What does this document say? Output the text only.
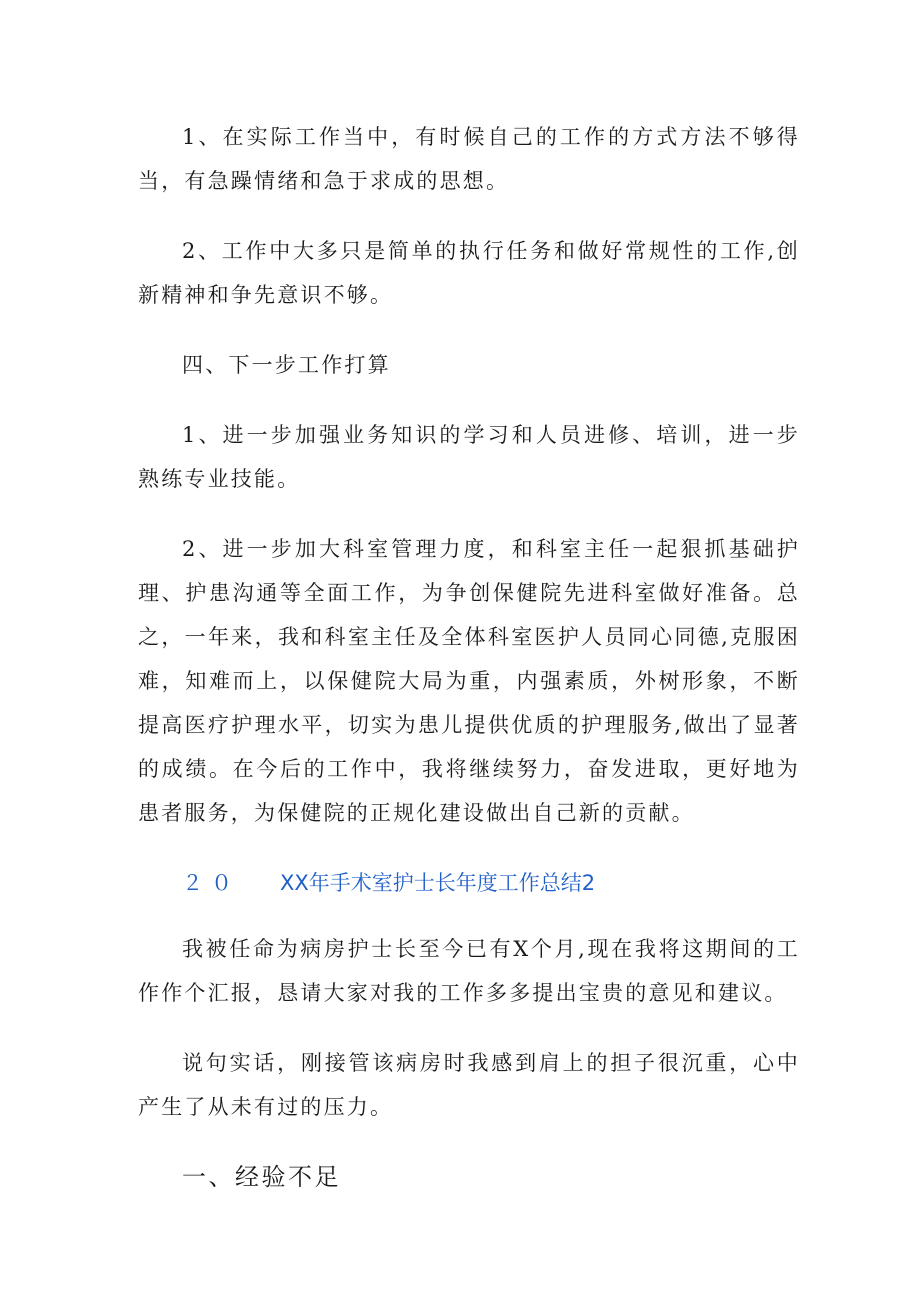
1、在实际工作当中，有时候自己的工作的方式方法不够得当，有急躁情绪和急于求成的思想。

2、工作中大多只是简单的执行任务和做好常规性的工作,创新精神和争先意识不够。

四、下一步工作打算

1、进一步加强业务知识的学习和人员进修、培训，进一步熟练专业技能。

2、进一步加大科室管理力度，和科室主任一起狠抓基础护理、护患沟通等全面工作，为争创保健院先进科室做好准备。总之，一年来，我和科室主任及全体科室医护人员同心同德,克服困难，知难而上，以保健院大局为重，内强素质，外树形象，不断提高医疗护理水平，切实为患儿提供优质的护理服务,做出了显著的成绩。在今后的工作中，我将继续努力，奋发进取，更好地为患者服务，为保健院的正规化建设做出自己新的贡献。

２０ XX年手术室护士长年度工作总结2

我被任命为病房护士长至今已有X个月,现在我将这期间的工作作个汇报，恳请大家对我的工作多多提出宝贵的意见和建议。

说句实话，刚接管该病房时我感到肩上的担子很沉重，心中产生了从未有过的压力。

一、经验不足
